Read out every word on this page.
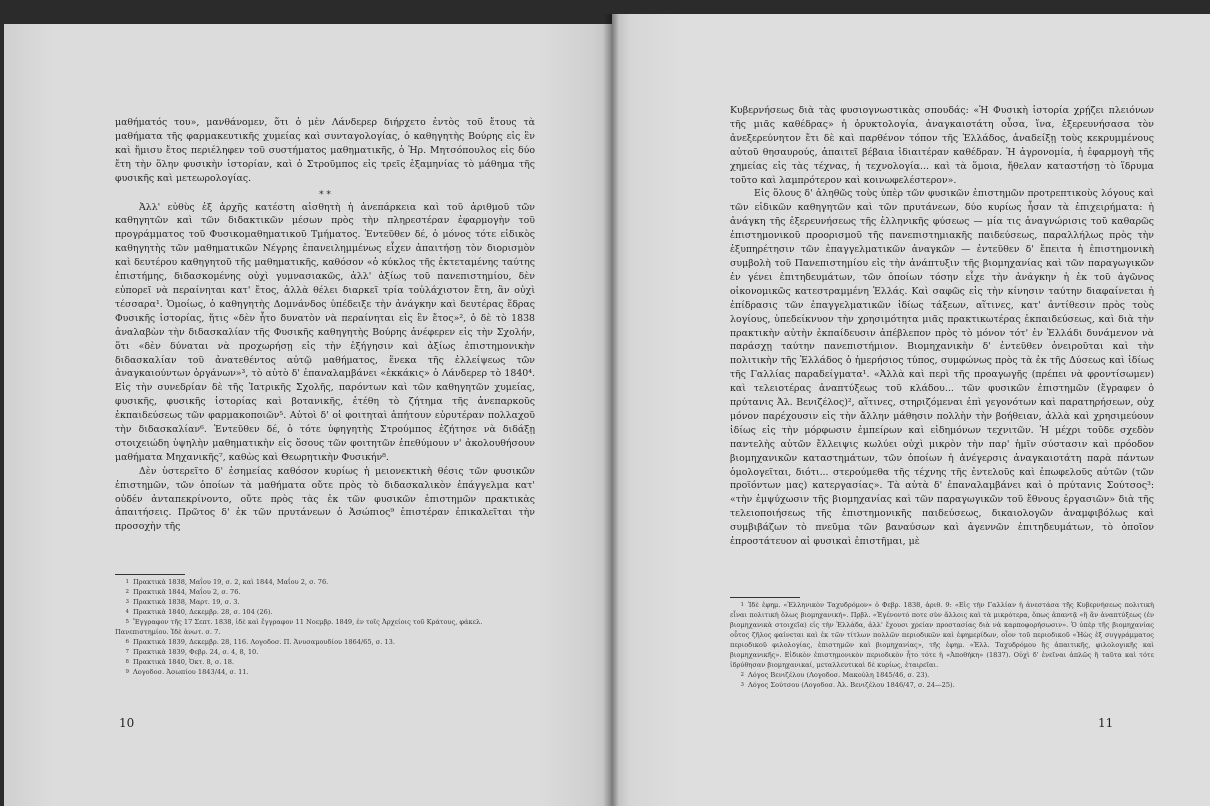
μαθήματός του», μανθάνομεν, ὅτι ὁ μὲν Λάνδερερ διήρχετο ἐντὸς τοῦ ἔτους τὰ μαθήματα τῆς φαρμακευτικῆς χυμείας καὶ συνταγολογίας, ὁ καθηγητὴς Βούρης εἰς ἓν καὶ ἥμισυ ἔτος περιέληφεν τοῦ συστήματος μαθηματικῆς, ὁ Ἠρ. Μητσόπουλος εἰς δύο ἔτη τὴν ὅλην φυσικὴν ἱστορίαν, καὶ ὁ Στροῦμπος εἰς τρεῖς ἑξαμηνίας τὸ μάθημα τῆς φυσικῆς καὶ μετεωρολογίας.

⁎ ⁎

Ἀλλ' εὐθὺς ἐξ ἀρχῆς κατέστη αἰσθητὴ ἡ ἀνεπάρκεια καὶ τοῦ ἀριθμοῦ τῶν καθηγητῶν καὶ τῶν διδακτικῶν μέσων πρὸς τὴν πληρεστέραν ἐφαρμογὴν τοῦ προγράμματος τοῦ Φυσικομαθηματικοῦ Τμήματος. Ἐντεῦθεν δέ, ὁ μόνος τότε εἰδικὸς καθηγητὴς τῶν μαθηματικῶν Νέγρης ἐπανειλημμένως εἶχεν ἀπαιτήσῃ τὸν διορισμὸν καὶ δευτέρου καθηγητοῦ τῆς μαθηματικῆς, καθόσον «ὁ κύκλος τῆς ἐκτεταμένης ταύτης ἐπιστήμης, διδασκομένης οὐχὶ γυμνασιακῶς, ἀλλ' ἀξίως τοῦ πανεπιστημίου, δὲν εὐπορεῖ νὰ περαίνηται κατ' ἔτος, ἀλλὰ θέλει διαρκεῖ τρία τοὐλάχιστον ἔτη, ἂν οὐχὶ τέσσαρα¹. Ὁμοίως, ὁ καθηγητὴς Δομνάνδος ὑπέδειξε τὴν ἀνάγκην καὶ δευτέρας ἕδρας Φυσικῆς ἱστορίας, ἥτις «δὲν ἦτο δυνατὸν νὰ περαίνηται εἰς ἓν ἔτος»², ὁ δὲ τὸ 1838 ἀναλαβὼν τὴν διδασκαλίαν τῆς Φυσικῆς καθηγητὴς Βούρης ἀνέφερεν εἰς τὴν Σχολήν, ὅτι «δὲν δύναται νὰ προχωρήσῃ εἰς τὴν ἐξήγησιν καὶ ἀξίως ἐπιστημονικὴν διδασκαλίαν τοῦ ἀνατεθέντος αὐτῷ μαθήματος, ἕνεκα τῆς ἐλλείψεως τῶν ἀναγκαιούντων ὀργάνων»³, τὸ αὐτὸ δ' ἐπαναλαμβάνει «ἐκκάκις» ὁ Λάνδερερ τὸ 1840⁴. Εἰς τὴν συνεδρίαν δὲ τῆς Ἰατρικῆς Σχολῆς, παρόντων καὶ τῶν καθηγητῶν χυμείας, φυσικῆς, φυσικῆς ἱστορίας καὶ βοτανικῆς, ἐτέθη τὸ ζήτημα τῆς ἀνεπαρκοῦς ἐκπαιδεύσεως τῶν φαρμακοποιῶν⁵. Αὐτοὶ δ' οἱ φοιτηταὶ ἀπήτουν εὐρυτέραν πολλαχοῦ τὴν διδασκαλίαν⁶. Ἐντεῦθεν δέ, ὁ τότε ὑφηγητὴς Στρούμπος ἐζήτησε νὰ διδάξῃ στοιχειώδη ὑψηλὴν μαθηματικὴν εἰς ὅσους τῶν φοιτητῶν ἐπεθύμουν ν' ἀκολουθήσουν μαθήματα Μηχανικῆς⁷, καθὼς καὶ Θεωρητικὴν Φυσικήν⁸.

Δὲν ὑστερεῖτο δ' ἐσημείας καθόσον κυρίως ἡ μειονεκτικὴ θέσις τῶν φυσικῶν ἐπιστημῶν, τῶν ὁποίων τὰ μαθήματα οὔτε πρὸς τὸ διδασκαλικὸν ἐπάγγελμα κατ' οὐδέν ἀνταπεκρίνοντο, οὔτε πρὸς τὰς ἐκ τῶν φυσικῶν ἐπιστημῶν πρακτικὰς ἀπαιτήσεις. Πρῶτος δ' ἐκ τῶν πρυτάνεων ὁ Ἀσώπιος⁹ ἐπιστέραν ἐπικαλεῖται τὴν προσοχὴν τῆς

1 Πρακτικὰ 1838, Μαΐου 19, σ. 2, καὶ 1844, Μαΐου 2, σ. 76.
2 Πρακτικὰ 1844, Μαΐου 2, σ. 76.
3 Πρακτικὰ 1838, Μαρτ. 19, σ. 3.
4 Πρακτικὰ 1840, Δεκεμβρ. 28, σ. 104 (26).
5 Ἔγγραφον τῆς 17 Σεπτ. 1838, ἰδὲ καὶ ἔγγραφον 11 Νοεμβρ. 1849, ἐν τοῖς Ἀρχείοις τοῦ Κράτους, φάκελ.
Πανεπιστημίου. Ἰδὲ ἀνωτ. σ. 7.
6 Πρακτικὰ 1839, Δεκεμβρ. 28, 116. Λογοδοσ. Π. Ἀνυσαμουδίου 1864/65, σ. 13.
7 Πρακτικὰ 1839, Φεβρ. 24, σ. 4, 8, 10.
8 Πρακτικὰ 1840, Ὀκτ. 8, σ. 18.
9 Λογοδοσ. Ἀσωπίου 1843/44, σ. 11.
10

Κυβερνήσεως διὰ τὰς φυσιογνωστικὰς σπουδάς: «Ἡ Φυσικὴ ἱστορία χρῄζει πλειόνων τῆς μιᾶς καθέδρας» ἡ ὀρυκτολογία, ἀναγκαιοτάτη οὖσα, ἵνα, ἐξερευνήσασα τὸν ἀνεξερεύνητον ἔτι δὲ καὶ παρθένον τόπον τῆς Ἑλλάδος, ἀναδείξῃ τοὺς κεκρυμμένους αὐτοῦ θησαυρούς, ἀπαιτεῖ βέβαια ἰδιαιτέραν καθέδραν. Ἡ ἀγρονομία, ἡ ἐφαρμογὴ τῆς χημείας εἰς τὰς τέχνας, ἡ τεχνολογία... καὶ τὰ ὅμοια, ἤθελαν καταστήσῃ τὸ ἵδρυμα τοῦτο καὶ λαμπρότερον καὶ κοινωφελέστερον».

Εἰς ὅλους δ' ἀληθῶς τοὺς ὑπὲρ τῶν φυσικῶν ἐπιστημῶν προτρεπτικοὺς λόγους καὶ τῶν εἰδικῶν καθηγητῶν καὶ τῶν πρυτάνεων, δύο κυρίως ἦσαν τὰ ἐπιχειρήματα: ἡ ἀνάγκη τῆς ἐξερευνήσεως τῆς ἑλληνικῆς φύσεως — μία τις ἀναγνώρισις τοῦ καθαρῶς ἐπιστημονικοῦ προορισμοῦ τῆς πανεπιστημιακῆς παιδεύσεως, παραλλήλως πρὸς τὴν ἐξυπηρέτησιν τῶν ἐπαγγελματικῶν ἀναγκῶν — ἐντεῦθεν δ' ἔπειτα ἡ ἐπιστημονικὴ συμβολὴ τοῦ Πανεπιστημίου εἰς τὴν ἀνάπτυξιν τῆς βιομηχανίας καὶ τῶν παραγωγικῶν ἐν γένει ἐπιτηδευμάτων, τῶν ὁποίων τόσην εἶχε τὴν ἀνάγκην ἡ ἐκ τοῦ ἀγῶνος οἰκονομικῶς κατεστραμμένη Ἑλλάς. Καὶ σαφῶς εἰς τὴν κίνησιν ταύτην διαφαίνεται ἡ ἐπίδρασις τῶν ἐπαγγελματικῶν ἰδίως τάξεων, αἵτινες, κατ' ἀντίθεσιν πρὸς τοὺς λογίους, ὑπεδείκνυον τὴν χρησιμότητα μιᾶς πρακτικωτέρας ἐκπαιδεύσεως, καὶ διὰ τὴν πρακτικὴν αὐτὴν ἐκπαίδευσιν ἀπέβλεπον πρὸς τὸ μόνον τότ' ἐν Ἑλλάδι δυνάμενον νὰ παράσχῃ ταύτην πανεπιστήμιον. Βιομηχανικὴν δ' ἐντεῦθεν ὁνειροῦται καὶ τὴν πολιτικὴν τῆς Ἑλλάδος ὁ ἡμερήσιος τύπος, συμφώνως πρὸς τὰ ἐκ τῆς Δύσεως καὶ ἰδίως τῆς Γαλλίας παραδείγματα¹. «Ἀλλὰ καὶ περὶ τῆς προαγωγῆς (πρέπει νὰ φροντίσωμεν) καὶ τελειοτέρας ἀναπτύξεως τοῦ κλάδου... τῶν φυσικῶν ἐπιστημῶν (ἔγραφεν ὁ πρύτανις Ἀλ. Βενιζέλος)², αἵτινες, στηριζόμεναι ἐπὶ γεγονότων καὶ παρατηρήσεων, οὐχ μόνον παρέχουσιν εἰς τὴν ἄλλην μάθησιν πολλὴν τὴν βοήθειαν, ἀλλὰ καὶ χρησιμεύουν ἰδίως εἰς τὴν μόρφωσιν ἐμπείρων καὶ εἰδημόνων τεχνιτῶν. Ἡ μέχρι τοῦδε σχεδὸν παντελὴς αὐτῶν ἔλλειψις κωλύει οὐχὶ μικρὸν τὴν παρ' ἡμῖν σύστασιν καὶ πρόοδον βιομηχανικῶν καταστημάτων, τῶν ὁποίων ἡ ἀνέγερσις ἀναγκαιοτάτη παρὰ πάντων ὁμολογεῖται, διότι... στερούμεθα τῆς τέχνης τῆς ἐντελοῦς καὶ ἐπωφελοῦς αὐτῶν (τῶν προϊόντων μας) κατεργασίας». Τὰ αὐτὰ δ' ἐπαναλαμβάνει καὶ ὁ πρύτανις Σούτσος³: «τὴν ἐμψύχωσιν τῆς βιομηχανίας καὶ τῶν παραγωγικῶν τοῦ ἔθνους ἐργασιῶν» διὰ τῆς τελειοποιήσεως τῆς ἐπιστημονικῆς παιδεύσεως, δικαιολογῶν ἀναμφιβόλως καὶ συμβιβάζων τὸ πνεῦμα τῶν βαναύσων καὶ ἀγεννῶν ἐπιτηδευμάτων, τὸ ὁποῖον ἐπροστάτευον αἱ φυσικαὶ ἐπιστῆμαι, μὲ

1 Ἰδὲ ἐφημ. «Ἑλληνικὸν Ταχυδρόμον» ὁ Φεβρ. 1838, ἀριθ. 9: «Εἰς τὴν Γαλλίαν ἡ ἀνεστάσα τῆς Κυβερνήσεως πολιτικὴ εἶναι πολιτικὴ ὅλως βιομηχανική». Πρβλ. «Ἐγένοντό ποτε σὺν ἄλλοις καὶ τὰ μικρότερα, ὅπως ἀπαντᾷ «ἢ ἂν ἀναπτύξεως (ἐν βιομηχανικὰ στοιχεῖα) εἰς τὴν Ἑλλάδα, ἀλλ' ἔχουσι χρείαν προστασίας διὰ νὰ καρποφορήσωσιν». Ὁ ὑπὲρ τῆς βιομηχανίας οὗτος ζῆλος φαίνεται καὶ ἐκ τῶν τίτλων πολλῶν περιοδικῶν καὶ ἐφημερίδων, οἷον τοῦ περιοδικοῦ «Ἠὼς ἐξ συγγράμματος περιοδικοῦ φιλολογίας, ἐπιστημῶν καὶ βιομηχανίας», τῆς ἐφημ. «Ἑλλ. Ταχυδρόμου ἢς ἀπαιτικῆς, φιλολογικῆς καὶ βιομηχανικῆς». Εἰδικὸν ἐπιστημονικὸν περιοδικὸν ἦτο τότε ἡ «Ἀποθήκη» (1837). Οὐχὶ δ' ἐνεῖναι ἁπλῶς ἢ ταῦτα καὶ τότε ἱδρύθησαν βιομηχανικαί, μεταλλευτικαὶ δὲ κυρίως, ἑταιρεῖαι.
2 Λόγος Βενιζέλου (Λογοδοσ. Μακούλη 1845/46, σ. 23).
3 Λόγος Σούτσου (Λογοδοσ. Ἀλ. Βενιζέλου 1846/47, σ. 24—25).
11
